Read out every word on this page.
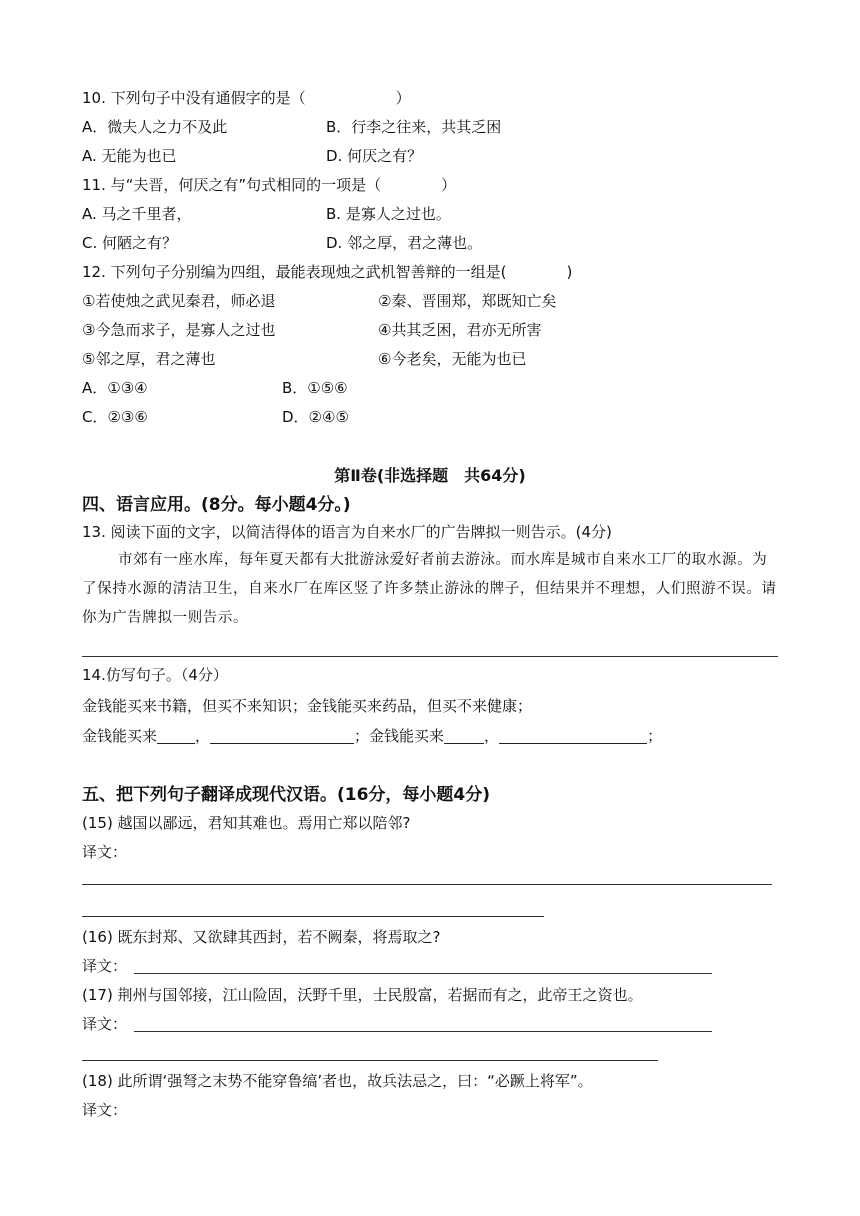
10. 下列句子中没有通假字的是（　　　　　　）
A．微夫人之力不及此	B．行李之往来，共其乏困
A. 无能为也已	D. 何厌之有？
11. 与“夫晋，何厌之有”句式相同的一项是（　　　　）
A. 马之千里者，	B. 是寡人之过也。
C. 何陋之有？	D. 邻之厚，君之薄也。
12. 下列句子分别编为四组，最能表现烛之武机智善辩的一组是(　　　　)
①若使烛之武见秦君，师必退	②秦、晋围郑，郑既知亡矣
③今急而求子，是寡人之过也	④共其乏困，君亦无所害
⑤邻之厚，君之薄也	⑥今老矣，无能为也已
A．①③④	B．①⑤⑥
C．②③⑥	D．②④⑤
第Ⅱ卷(非选择题　共64分)
四、语言应用。(8分。每小题4分。)
13. 阅读下面的文字，以简洁得体的语言为自来水厂的广告牌拟一则告示。(4分)
市郊有一座水库，每年夏天都有大批游泳爱好者前去游泳。而水库是城市自来水工厂的取水源。为了保持水源的清洁卫生，自来水厂在库区竖了许多禁止游泳的牌子，但结果并不理想，人们照游不误。请你为广告牌拟一则告示。
14.仿写句子。（4分）
金钱能买来书籍，但买不来知识；金钱能买来药品，但买不来健康；
金钱能买来	，	；金钱能买来	，	；
五、把下列句子翻译成现代汉语。(16分，每小题4分)
(15) 越国以鄙远，君知其难也。焉用亡郑以陪邻?
译文：
(16) 既东封郑、又欲肆其西封，若不阙秦，将焉取之?
译文：
(17) 荆州与国邻接，江山险固，沃野千里，士民殷富，若据而有之，此帝王之资也。
译文：
(18) 此所谓‘强弩之末势不能穿鲁缟’者也，故兵法忌之，曰：“必蹶上将军”。
译文：
